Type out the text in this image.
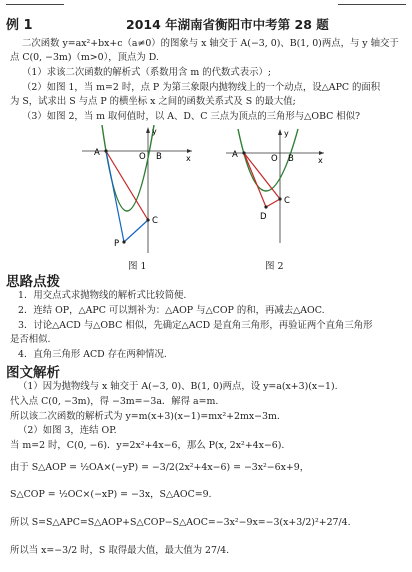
例 1	2014 年湖南省衡阳市中考第 28 题
二次函数 y=ax²+bx+c（a≠0）的图象与 x 轴交于 A(−3, 0)、B(1, 0)两点，与 y 轴交于
点 C(0, −3m)（m>0），顶点为 D.
（1）求该二次函数的解析式（系数用含 m 的代数式表示）;
（2）如图 1，当 m=2 时，点 P 为第三象限内抛物线上的一个动点，设△APC 的面积
为 S，试求出 S 与点 P 的横坐标 x 之间的函数关系式及 S 的最大值;
（3）如图 2，当 m 取何值时，以 A、D、C 三点为顶点的三角形与△OBC 相似?
A	O B
C
P
x
y
图 1
A	O B
C
D
x
y
图 2
思路点拨
1．用交点式求抛物线的解析式比较简便.
2．连结 OP，△APC 可以割补为：△AOP 与△COP 的和，再减去△AOC.
3．讨论△ACD 与△OBC 相似，先确定△ACD 是直角三角形，再验证两个直角三角形
是否相似.
4．直角三角形 ACD 存在两种情况.
图文解析
（1）因为抛物线与 x 轴交于 A(−3, 0)、B(1, 0)两点，设 y=a(x+3)(x−1).
代入点 C(0, −3m)，得 −3m=−3a．解得 a=m.
所以该二次函数的解析式为 y=m(x+3)(x−1)=mx²+2mx−3m.
（2）如图 3，连结 OP.
当 m=2 时，C(0, −6)．y=2x²+4x−6，那么 P(x, 2x²+4x−6).
由于 S△AOP = ½OA×(−yP) = −3/2(2x²+4x−6) = −3x²−6x+9，
S△COP = ½OC×(−xP) = −3x，S△AOC=9.
所以 S=S△APC=S△AOP+S△COP−S△AOC=−3x²−9x=−3(x+3/2)²+27/4.
所以当 x=−3/2 时，S 取得最大值，最大值为 27/4.
